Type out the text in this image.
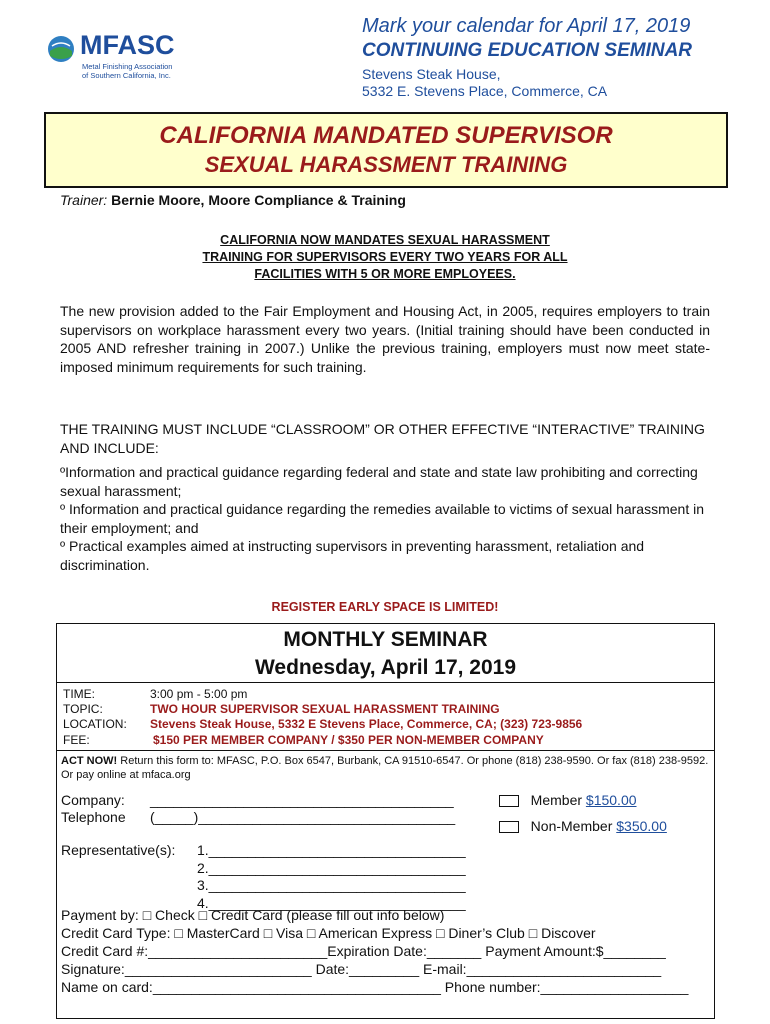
MFASC
Metal Finishing Association
of Southern California, Inc.
Mark your calendar for April 17, 2019
CONTINUING EDUCATION SEMINAR
Stevens Steak House,
5332 E. Stevens Place, Commerce, CA
CALIFORNIA MANDATED SUPERVISOR
SEXUAL HARASSMENT TRAINING
Trainer: Bernie Moore, Moore Compliance & Training
CALIFORNIA NOW MANDATES SEXUAL HARASSMENT
TRAINING FOR SUPERVISORS EVERY TWO YEARS FOR ALL
FACILITIES WITH 5 OR MORE EMPLOYEES.
The new provision added to the Fair Employment and Housing Act, in 2005, requires employers to train supervisors on workplace harassment every two years. (Initial training should have been conducted in 2005 AND refresher training in 2007.) Unlike the previous training, employers must now meet state-imposed minimum requirements for such training.
THE TRAINING MUST INCLUDE “CLASSROOM” OR OTHER EFFECTIVE “INTERACTIVE” TRAINING AND INCLUDE:
ºInformation and practical guidance regarding federal and state and state law prohibiting and correcting sexual harassment;
º Information and practical guidance regarding the remedies available to victims of sexual harassment in their employment; and
º Practical examples aimed at instructing supervisors in preventing harassment, retaliation and discrimination.
REGISTER EARLY SPACE IS LIMITED!
MONTHLY SEMINAR
Wednesday, April 17, 2019
TIME:	3:00 pm - 5:00 pm
TOPIC:	TWO HOUR SUPERVISOR SEXUAL HARASSMENT TRAINING
LOCATION: Stevens Steak House, 5332 E Stevens Place, Commerce, CA; (323) 723-9856
FEE:	$150 PER MEMBER COMPANY / $350 PER NON-MEMBER COMPANY
ACT NOW! Return this form to: MFASC, P.O. Box 6547, Burbank, CA 91510-6547. Or phone (818) 238-9590. Or fax (818) 238-9592. Or pay online at mfaca.org
Company: _______________________________________
Telephone (_____)_________________________________
Member $150.00
Non-Member $350.00
Representative(s): 1._________________________________
2._________________________________
3._________________________________
4._________________________________
Payment by: □ Check □ Credit Card (please fill out info below)
Credit Card Type: □ MasterCard □ Visa □ American Express □ Diner’s Club □ Discover
Credit Card #:_______________________Expiration Date:_______ Payment Amount:$________
Signature:________________________ Date:_________ E-mail:_________________________
Name on card:_____________________________________ Phone number:___________________
